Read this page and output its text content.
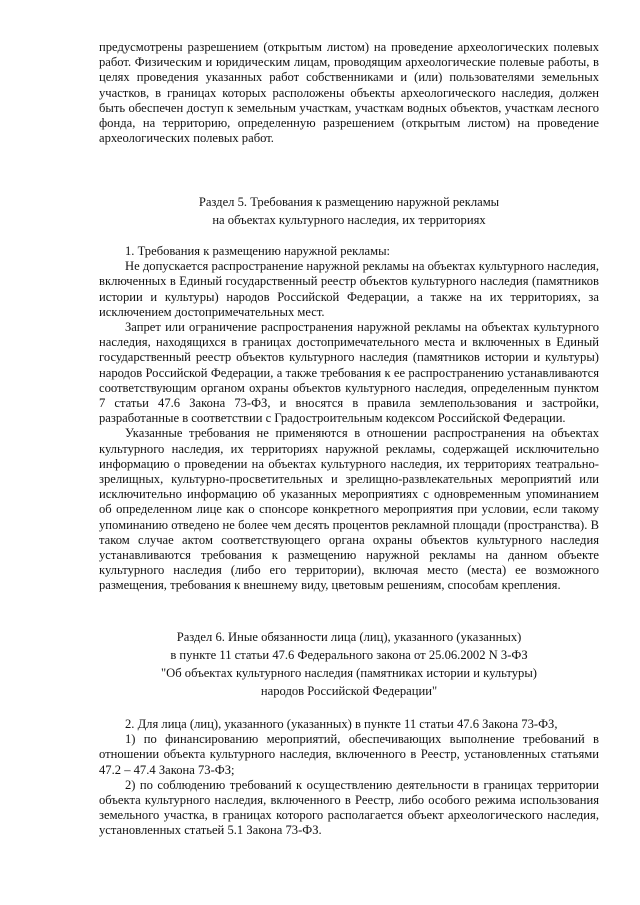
предусмотрены разрешением (открытым листом) на проведение археологических полевых работ. Физическим и юридическим лицам, проводящим археологические полевые работы, в целях проведения указанных работ собственниками и (или) пользователями земельных участков, в границах которых расположены объекты археологического наследия, должен быть обеспечен доступ к земельным участкам, участкам водных объектов, участкам лесного фонда, на территорию, определенную разрешением (открытым листом) на проведение археологических полевых работ.

Раздел 5. Требования к размещению наружной рекламы
на объектах культурного наследия, их территориях

1. Требования к размещению наружной рекламы:

Не допускается распространение наружной рекламы на объектах культурного наследия, включенных в Единый государственный реестр объектов культурного наследия (памятников истории и культуры) народов Российской Федерации, а также на их территориях, за исключением достопримечательных мест.

Запрет или ограничение распространения наружной рекламы на объектах культурного наследия, находящихся в границах достопримечательного места и включенных в Единый государственный реестр объектов культурного наследия (памятников истории и культуры) народов Российской Федерации, а также требования к ее распространению устанавливаются соответствующим органом охраны объектов культурного наследия, определенным пунктом 7 статьи 47.6 Закона 73-ФЗ, и вносятся в правила землепользования и застройки, разработанные в соответствии с Градостроительным кодексом Российской Федерации.

Указанные требования не применяются в отношении распространения на объектах культурного наследия, их территориях наружной рекламы, содержащей исключительно информацию о проведении на объектах культурного наследия, их территориях театрально-зрелищных, культурно-просветительных и зрелищно-развлекательных мероприятий или исключительно информацию об указанных мероприятиях с одновременным упоминанием об определенном лице как о спонсоре конкретного мероприятия при условии, если такому упоминанию отведено не более чем десять процентов рекламной площади (пространства). В таком случае актом соответствующего органа охраны объектов культурного наследия устанавливаются требования к размещению наружной рекламы на данном объекте культурного наследия (либо его территории), включая место (места) ее возможного размещения, требования к внешнему виду, цветовым решениям, способам крепления.

Раздел 6. Иные обязанности лица (лиц), указанного (указанных)
в пункте 11 статьи 47.6 Федерального закона от 25.06.2002 N 3-ФЗ
"Об объектах культурного наследия (памятниках истории и культуры)
народов Российской Федерации"

2. Для лица (лиц), указанного (указанных) в пункте 11 статьи 47.6 Закона 73-ФЗ,

1) по финансированию мероприятий, обеспечивающих выполнение требований в отношении объекта культурного наследия, включенного в Реестр, установленных статьями 47.2 – 47.4 Закона 73-ФЗ;

2) по соблюдению требований к осуществлению деятельности в границах территории объекта культурного наследия, включенного в Реестр, либо особого режима использования земельного участка, в границах которого располагается объект археологического наследия, установленных статьей 5.1 Закона 73-ФЗ.
